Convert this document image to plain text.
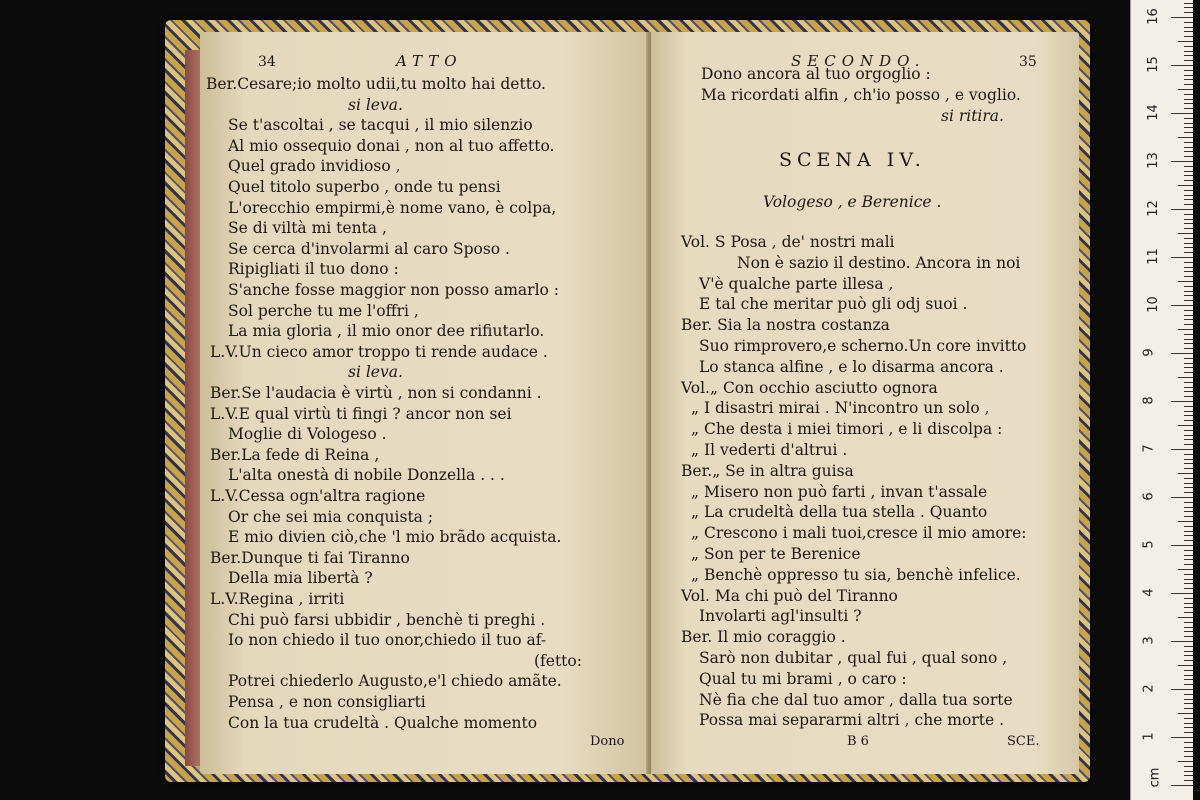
34	ATTO
Ber.Cesare;io molto udii,tu molto hai detto.
si leva.
Se t'ascoltai , se tacqui , il mio silenzio
Al mio ossequio donai , non al tuo affetto.
Quel grado invidioso ,
Quel titolo superbo , onde tu pensi
L'orecchio empirmi,è nome vano, è colpa,
Se di viltà mi tenta ,
Se cerca d'involarmi al caro Sposo .
Ripigliati il tuo dono :
S'anche fosse maggior non posso amarlo :
Sol perche tu me l'offri ,
La mia gloria , il mio onor dee rifiutarlo.
L.V.Un cieco amor troppo ti rende audace .
si leva.
Ber.Se l'audacia è virtù , non si condanni .
L.V.E qual virtù ti fingi ? ancor non sei
Moglie di Vologeso .
Ber.La fede di Reina ,
L'alta onestà di nobile Donzella . . .
L.V.Cessa ogn'altra ragione
Or che sei mia conquista ;
E mio divien ciò,che 'l mio brãdo acquista.
Ber.Dunque ti fai Tiranno
Della mia libertà ?
L.V.Regina , irriti
Chi può farsi ubbidir , benchè ti preghi .
Io non chiedo il tuo onor,chiedo il tuo af-
(fetto:
Potrei chiederlo Augusto,e'l chiedo amãte.
Pensa , e non consigliarti
Con la tua crudeltà . Qualche momento
Dono
SECONDO.	35
Dono ancora al tuo orgoglio :
Ma ricordati alfin , ch'io posso , e voglio.
si ritira.
SCENA IV.
Vologeso , e Berenice .
Vol. S Posa , de' nostri mali
Non è sazio il destino. Ancora in noi
V'è qualche parte illesa ,
E tal che meritar può gli odj suoi .
Ber. Sia la nostra costanza
Suo rimprovero,e scherno.Un core invitto
Lo stanca alfine , e lo disarma ancora .
Vol.„ Con occhio asciutto ognora
„ I disastri mirai . N'incontro un solo ,
„ Che desta i miei timori , e li discolpa :
„ Il vederti d'altrui .
Ber.„ Se in altra guisa
„ Misero non può farti , invan t'assale
„ La crudeltà della tua stella . Quanto
„ Crescono i mali tuoi,cresce il mio amore:
„ Son per te Berenice
„ Benchè oppresso tu sia, benchè infelice.
Vol. Ma chi può del Tiranno
Involarti agl'insulti ?
Ber. Il mio coraggio .
Sarò non dubitar , qual fui , qual sono ,
Qual tu mi brami , o caro :
Nè fia che dal tuo amor , dalla tua sorte
Possa mai separarmi altri , che morte .
B 6	SCE.
16
15
14
13
12
11
10
9
8
7
6
5
4
3
2
1
cm
